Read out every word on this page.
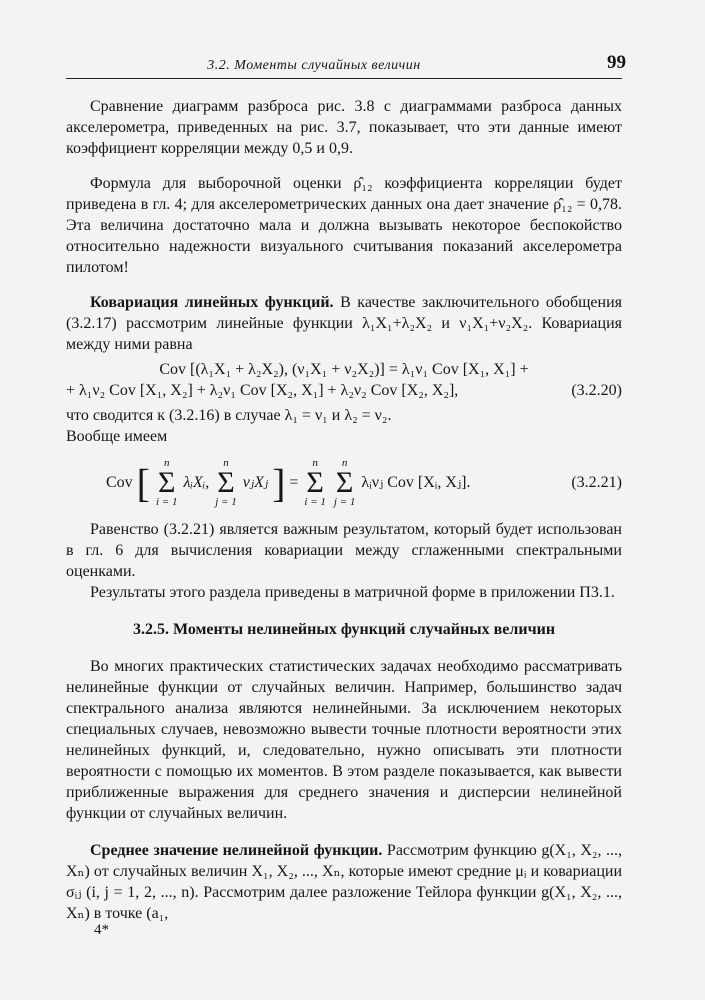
3.2. Моменты случайных величин	99

Сравнение диаграмм разброса рис. 3.8 с диаграммами разброса данных акселерометра, приведенных на рис. 3.7, показывает, что эти данные имеют коэффициент корреляции между 0,5 и 0,9.

Формула для выборочной оценки ρ̂₁₂ коэффициента корреляции будет приведена в гл. 4; для акселерометрических данных она дает значение ρ̂₁₂ = 0,78. Эта величина достаточно мала и должна вызывать некоторое беспокойство относительно надежности визуального считывания показаний акселерометра пилотом!

Ковариация линейных функций. В качестве заключительного обобщения (3.2.17) рассмотрим линейные функции λ₁X₁+λ₂X₂ и ν₁X₁+ν₂X₂. Ковариация между ними равна

Cov [(λ₁X₁ + λ₂X₂), (ν₁X₁ + ν₂X₂)] = λ₁ν₁ Cov [X₁, X₁] +
+ λ₁ν₂ Cov [X₁, X₂] + λ₂ν₁ Cov [X₂, X₁] + λ₂ν₂ Cov [X₂, X₂],	(3.2.20)

что сводится к (3.2.16) в случае λ₁ = ν₁ и λ₂ = ν₂.

Вообще имеем

Cov [	n
Σ
i = 1
λᵢXᵢ,
n
Σ
j = 1
νⱼXⱼ ] =
n
Σ
i = 1

n
Σ
j = 1
λᵢνⱼ Cov [Xᵢ, Xⱼ].	(3.2.21)

Равенство (3.2.21) является важным результатом, который будет использован в гл. 6 для вычисления ковариации между сглаженными спектральными оценками.

Результаты этого раздела приведены в матричной форме в приложении П3.1.

3.2.5. Моменты нелинейных функций случайных величин

Во многих практических статистических задачах необходимо рассматривать нелинейные функции от случайных величин. Например, большинство задач спектрального анализа являются нелинейными. За исключением некоторых специальных случаев, невозможно вывести точные плотности вероятности этих нелинейных функций, и, следовательно, нужно описывать эти плотности вероятности с помощью их моментов. В этом разделе показывается, как вывести приближенные выражения для среднего значения и дисперсии нелинейной функции от случайных величин.

Среднее значение нелинейной функции. Рассмотрим функцию g(X₁, X₂, ..., Xₙ) от случайных величин X₁, X₂, ..., Xₙ, которые имеют средние μᵢ и ковариации σᵢⱼ (i, j = 1, 2, ..., n). Рассмотрим далее разложение Тейлора функции g(X₁, X₂, ..., Xₙ) в точке (a₁,

4*
